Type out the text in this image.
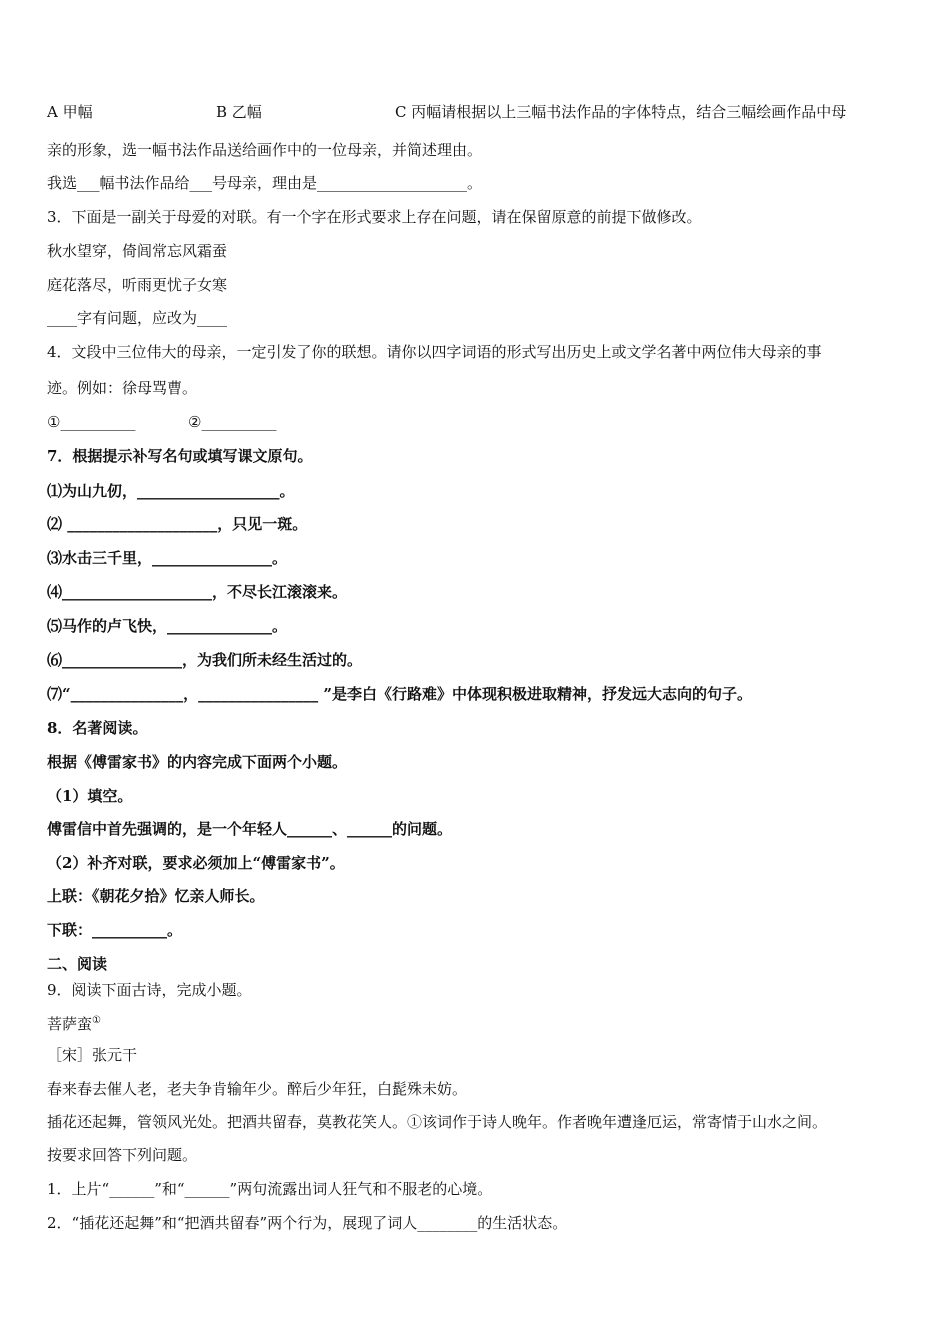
A 甲幅	B 乙幅	C 丙幅请根据以上三幅书法作品的字体特点，结合三幅绘画作品中母
亲的形象，选一幅书法作品送给画作中的一位母亲，并简述理由。
我选___幅书法作品给___号母亲，理由是____________________。
3．下面是一副关于母爱的对联。有一个字在形式要求上存在问题，请在保留原意的前提下做修改。
秋水望穿，倚闾常忘风霜蚕
庭花落尽，听雨更忧子女寒
____字有问题，应改为____
4．文段中三位伟大的母亲，一定引发了你的联想。请你以四字词语的形式写出历史上或文学名著中两位伟大母亲的事
迹。例如：徐母骂曹。
①__________	②__________
7．根据提示补写名句或填写课文原句。
⑴为山九仞，___________________。
⑵ ____________________，只见一斑。
⑶水击三千里，________________。
⑷____________________，不尽长江滚滚来。
⑸马作的卢飞快，______________。
⑹________________，为我们所未经生活过的。
⑺“_______________，________________ ”是李白《行路难》中体现积极进取精神，抒发远大志向的句子。
8．名著阅读。
根据《傅雷家书》的内容完成下面两个小题。
（1）填空。
傅雷信中首先强调的，是一个年轻人______、______的问题。
（2）补齐对联，要求必须加上“傅雷家书”。
上联：《朝花夕拾》忆亲人师长。
下联：__________。
二、阅读
9．阅读下面古诗，完成小题。
菩萨蛮①
［宋］张元干
春来春去催人老，老夫争肯输年少。醉后少年狂，白髭殊未妨。
插花还起舞，管领风光处。把酒共留春，莫教花笑人。①该词作于诗人晚年。作者晚年遭逢厄运，常寄情于山水之间。
按要求回答下列问题。
1．上片“______”和“______”两句流露出词人狂气和不服老的心境。
2．“插花还起舞”和“把酒共留春”两个行为，展现了词人________的生活状态。
